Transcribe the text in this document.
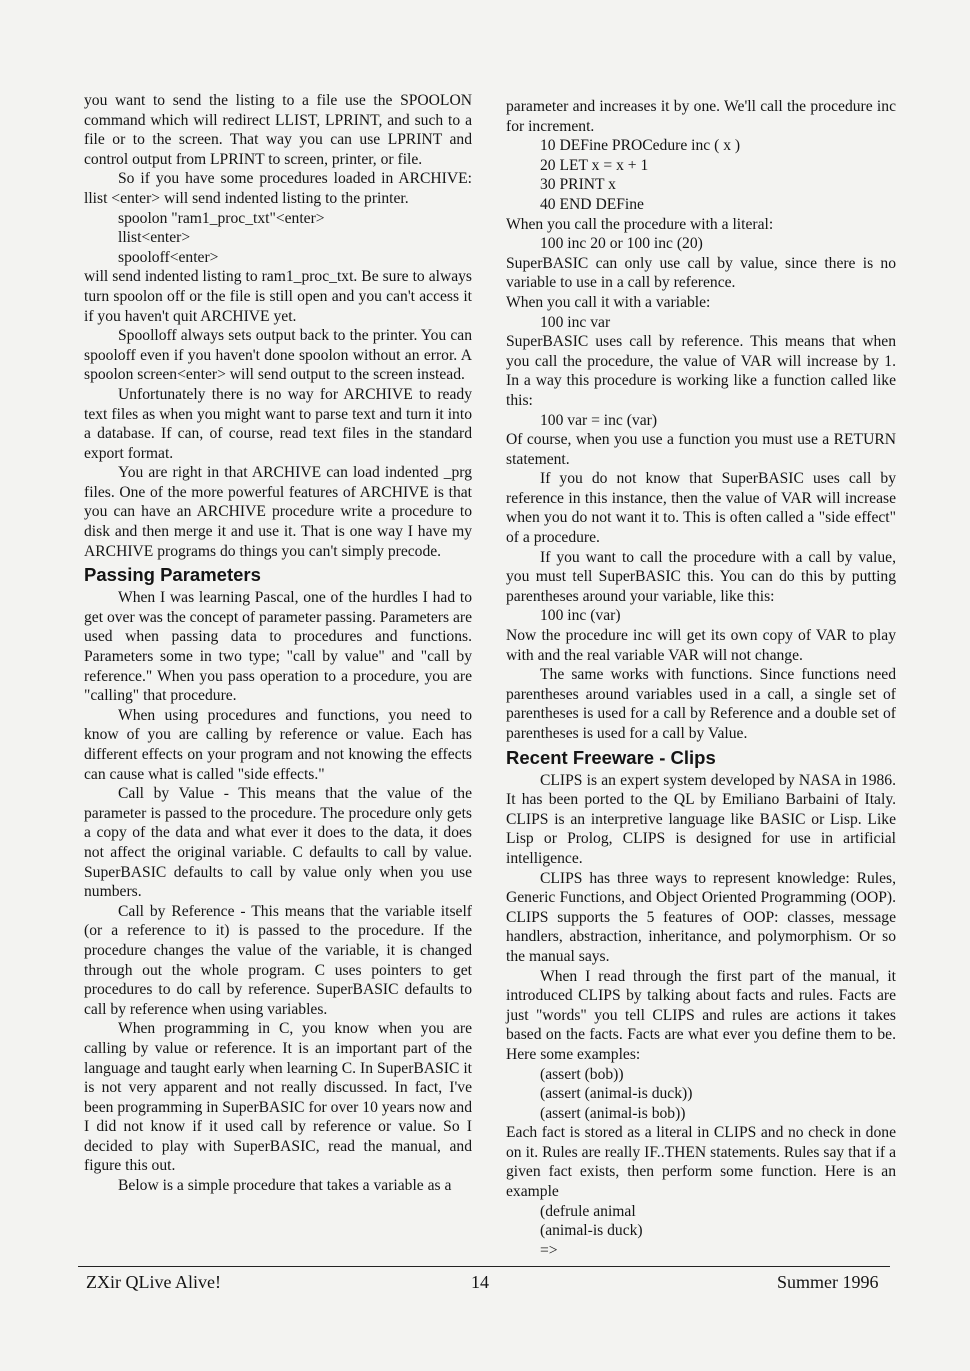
you want to send the listing to a file use the SPOOLON command which will redirect LLIST, LPRINT, and such to a file or to the screen. That way you can use LPRINT and control output from LPRINT to screen, printer, or file.

So if you have some procedures loaded in ARCHIVE: llist <enter> will send indented listing to the printer.

spoolon "ram1_proc_txt"<enter>

llist<enter>

spooloff<enter>

will send indented listing to ram1_proc_txt. Be sure to always turn spoolon off or the file is still open and you can't access it if you haven't quit ARCHIVE yet.

Spoolloff always sets output back to the printer. You can spooloff even if you haven't done spoolon without an error. A spoolon screen<enter> will send output to the screen instead.

Unfortunately there is no way for ARCHIVE to ready text files as when you might want to parse text and turn it into a database. If can, of course, read text files in the standard export format.

You are right in that ARCHIVE can load indented _prg files. One of the more powerful features of ARCHIVE is that you can have an ARCHIVE procedure write a procedure to disk and then merge it and use it. That is one way I have my ARCHIVE programs do things you can't simply precode.

Passing Parameters

When I was learning Pascal, one of the hurdles I had to get over was the concept of parameter passing. Parameters are used when passing data to procedures and functions. Parameters some in two type; "call by value" and "call by reference." When you pass operation to a procedure, you are "calling" that procedure.

When using procedures and functions, you need to know of you are calling by reference or value. Each has different effects on your program and not knowing the effects can cause what is called "side effects."

Call by Value - This means that the value of the parameter is passed to the procedure. The procedure only gets a copy of the data and what ever it does to the data, it does not affect the original variable. C defaults to call by value. SuperBASIC defaults to call by value only when you use numbers.

Call by Reference - This means that the variable itself (or a reference to it) is passed to the procedure. If the procedure changes the value of the variable, it is changed through out the whole program. C uses pointers to get procedures to do call by reference. SuperBASIC defaults to call by reference when using variables.

When programming in C, you know when you are calling by value or reference. It is an important part of the language and taught early when learning C. In SuperBASIC it is not very apparent and not really discussed. In fact, I've been programming in SuperBASIC for over 10 years now and I did not know if it used call by reference or value. So I decided to play with SuperBASIC, read the manual, and figure this out.

Below is a simple procedure that takes a variable as a

parameter and increases it by one. We'll call the procedure inc for increment.

10 DEFine PROCedure inc ( x )

20 LET x = x + 1

30 PRINT x

40 END DEFine

When you call the procedure with a literal:

100 inc 20 or 100 inc (20)

SuperBASIC can only use call by value, since there is no variable to use in a call by reference.

When you call it with a variable:

100 inc var

SuperBASIC uses call by reference. This means that when you call the procedure, the value of VAR will increase by 1. In a way this procedure is working like a function called like this:

100 var = inc (var)

Of course, when you use a function you must use a RETURN statement.

If you do not know that SuperBASIC uses call by reference in this instance, then the value of VAR will increase when you do not want it to. This is often called a "side effect" of a procedure.

If you want to call the procedure with a call by value, you must tell SuperBASIC this. You can do this by putting parentheses around your variable, like this:

100 inc (var)

Now the procedure inc will get its own copy of VAR to play with and the real variable VAR will not change.

The same works with functions. Since functions need parentheses around variables used in a call, a single set of parentheses is used for a call by Reference and a double set of parentheses is used for a call by Value.

Recent Freeware - Clips

CLIPS is an expert system developed by NASA in 1986. It has been ported to the QL by Emiliano Barbaini of Italy. CLIPS is an interpretive language like BASIC or Lisp. Like Lisp or Prolog, CLIPS is designed for use in artificial intelligence.

CLIPS has three ways to represent knowledge: Rules, Generic Functions, and Object Oriented Programming (OOP). CLIPS supports the 5 features of OOP: classes, message handlers, abstraction, inheritance, and polymorphism. Or so the manual says.

When I read through the first part of the manual, it introduced CLIPS by talking about facts and rules. Facts are just "words" you tell CLIPS and rules are actions it takes based on the facts. Facts are what ever you define them to be. Here some examples:

(assert (bob))

(assert (animal-is duck))

(assert (animal-is bob))

Each fact is stored as a literal in CLIPS and no check in done on it. Rules are really IF..THEN statements. Rules say that if a given fact exists, then perform some function. Here is an example

(defrule animal

(animal-is duck)

=>

ZXir QLive Alive!	14	Summer 1996
